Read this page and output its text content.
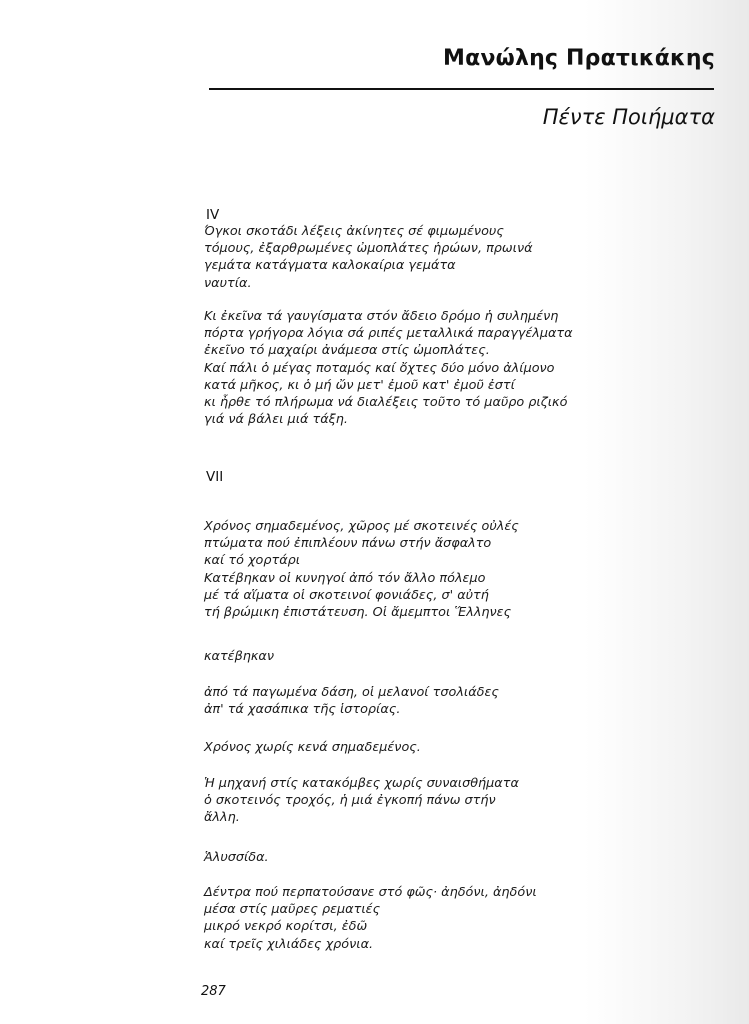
Μανώλης Πρατικάκης
Πέντε Ποιήματα
IV
Όγκοι σκοτάδι λέξεις ἀκίνητες σέ φιμωμένους
τόμους, ἐξαρθρωμένες ὠμοπλάτες ἡρώων, πρωινά
γεμάτα κατάγματα καλοκαίρια γεμάτα
ναυτία.
Κι ἐκεῖνα τά γαυγίσματα στόν ἄδειο δρόμο ἡ συλημένη
πόρτα γρήγορα λόγια σά ριπές μεταλλικά παραγγέλματα
ἐκεῖνο τό μαχαίρι ἀνάμεσα στίς ὠμοπλάτες.
Καί πάλι ὁ μέγας ποταμός καί ὄχτες δύο μόνο ἀλίμονο
κατά μῆκος, κι ὁ μή ὤν μετ' ἐμοῦ κατ' ἐμοῦ ἐστί
κι ἦρθε τό πλήρωμα νά διαλέξεις τοῦτο τό μαῦρο ριζικό
γιά νά βάλει μιά τάξη.
VII
Χρόνος σημαδεμένος, χῶρος μέ σκοτεινές οὐλές
πτώματα πού ἐπιπλέουν πάνω στήν ἄσφαλτο
καί τό χορτάρι
Κατέβηκαν οἱ κυνηγοί ἀπό τόν ἄλλο πόλεμο
μέ τά αἵματα οἱ σκοτεινοί φονιάδες, σ' αὐτή
τή βρώμικη ἐπιστάτευση. Οἱ ἄμεμπτοι Ἕλληνες
κατέβηκαν
ἀπό τά παγωμένα δάση, οἱ μελανοί τσολιάδες
ἀπ' τά χασάπικα τῆς ἱστορίας.
Χρόνος χωρίς κενά σημαδεμένος.
Ἡ μηχανή στίς κατακόμβες χωρίς συναισθήματα
ὁ σκοτεινός τροχός, ἡ μιά ἐγκοπή πάνω στήν
ἄλλη.
Ἁλυσσίδα.
Δέντρα πού περπατούσανε στό φῶς· ἀηδόνι, ἀηδόνι
μέσα στίς μαῦρες ρεματιές
μικρό νεκρό κορίτσι, ἐδῶ
καί τρεῖς χιλιάδες χρόνια.
287
